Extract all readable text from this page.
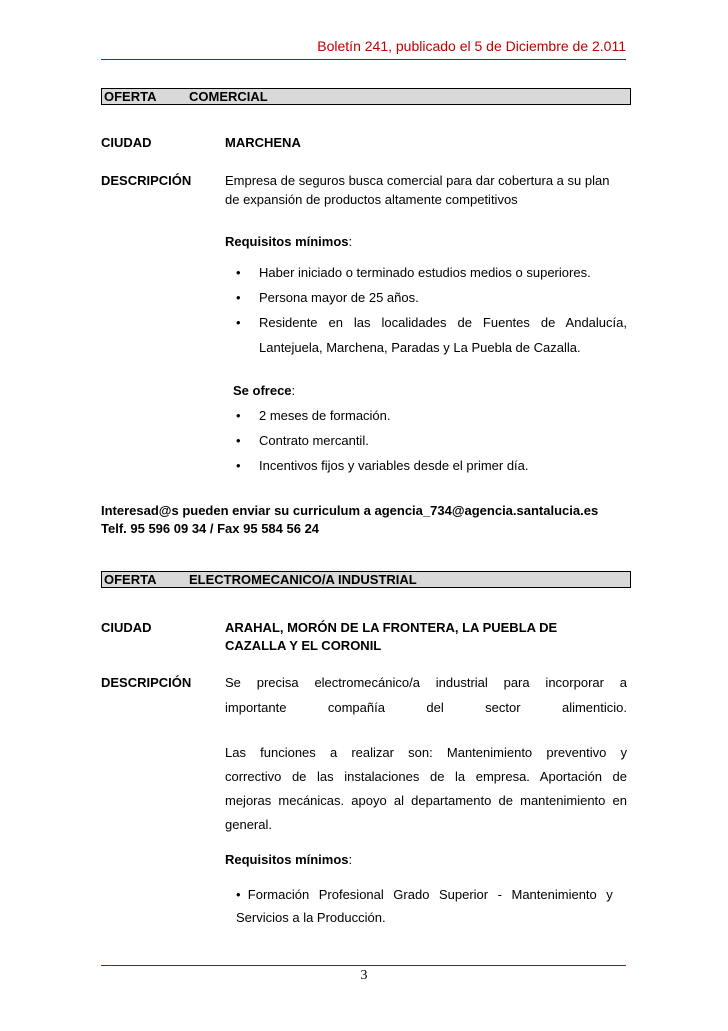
Boletín 241, publicado el 5 de Diciembre de 2.011
OFERTA	COMERCIAL
CIUDAD	MARCHENA
DESCRIPCIÓN	Empresa de seguros busca comercial para dar cobertura a su plan
de expansión de productos altamente competitivos
Requisitos mínimos:
• Haber iniciado o terminado estudios medios o superiores.
• Persona mayor de 25 años.
• Residente en las localidades de Fuentes de Andalucía,
Lantejuela, Marchena, Paradas y La Puebla de Cazalla.
Se ofrece:
• 2 meses de formación.
• Contrato mercantil.
• Incentivos fijos y variables desde el primer día.
Interesad@s pueden enviar su curriculum a agencia_734@agencia.santalucia.es
Telf. 95 596 09 34 / Fax 95 584 56 24
OFERTA	ELECTROMECANICO/A INDUSTRIAL
CIUDAD	ARAHAL, MORÓN DE LA FRONTERA, LA PUEBLA DE
CAZALLA Y EL CORONIL
DESCRIPCIÓN	Se precisa electromecánico/a industrial para incorporar a
importante compañía del sector alimenticio.
Las funciones a realizar son: Mantenimiento preventivo y
correctivo de las instalaciones de la empresa. Aportación de
mejoras mecánicas. apoyo al departamento de mantenimiento en
general.
Requisitos mínimos:
• Formación Profesional Grado Superior - Mantenimiento y
Servicios a la Producción.
3
